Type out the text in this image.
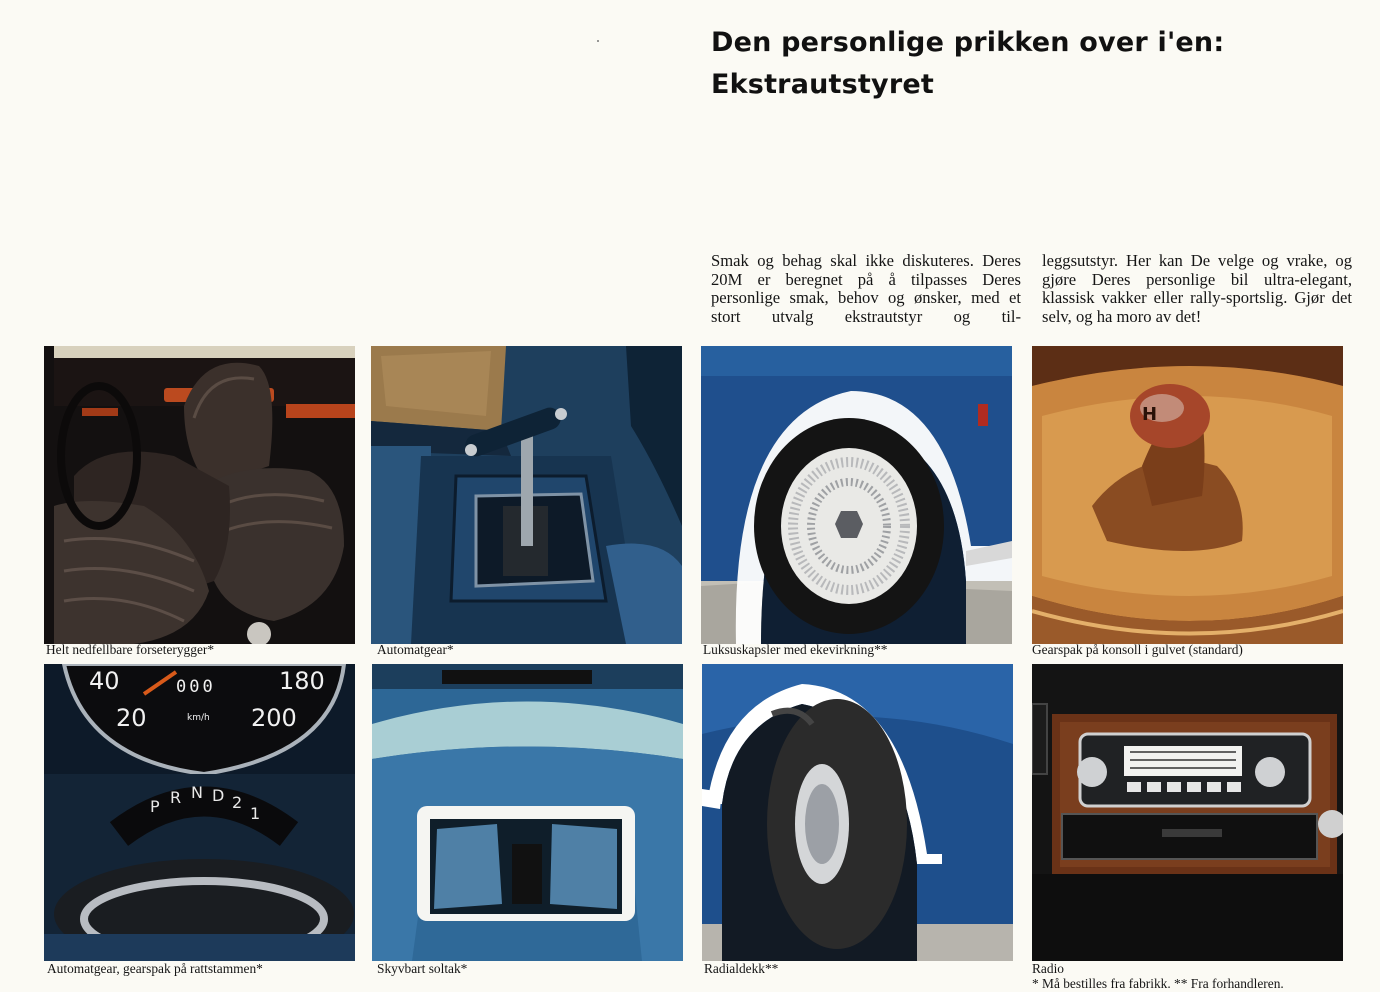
Den personlige prikken over i'en:
Ekstrautstyret

Smak og behag skal ikke diskuteres. Deres 20M er beregnet på å tilpasses Deres personlige smak, behov og ønsker, med et stort utvalg ekstrautstyr og til-

leggsutstyr. Her kan De velge og vrake, og gjøre Deres personlige bil ultra-elegant, klassisk vakker eller rally-sportslig. Gjør det selv, og ha moro av det!

Helt nedfellbare forseterygger*	Automatgear*	Luksuskapsler med ekevirkning**
H
Gearspak på konsoll i gulvet (standard)
40	180
20	200
000
km/h
P R N D 2
1
Automatgear, gearspak på rattstammen*	Skyvbart soltak*	Radialdekk**	Radio
* Må bestilles fra fabrikk. ** Fra forhandleren.
